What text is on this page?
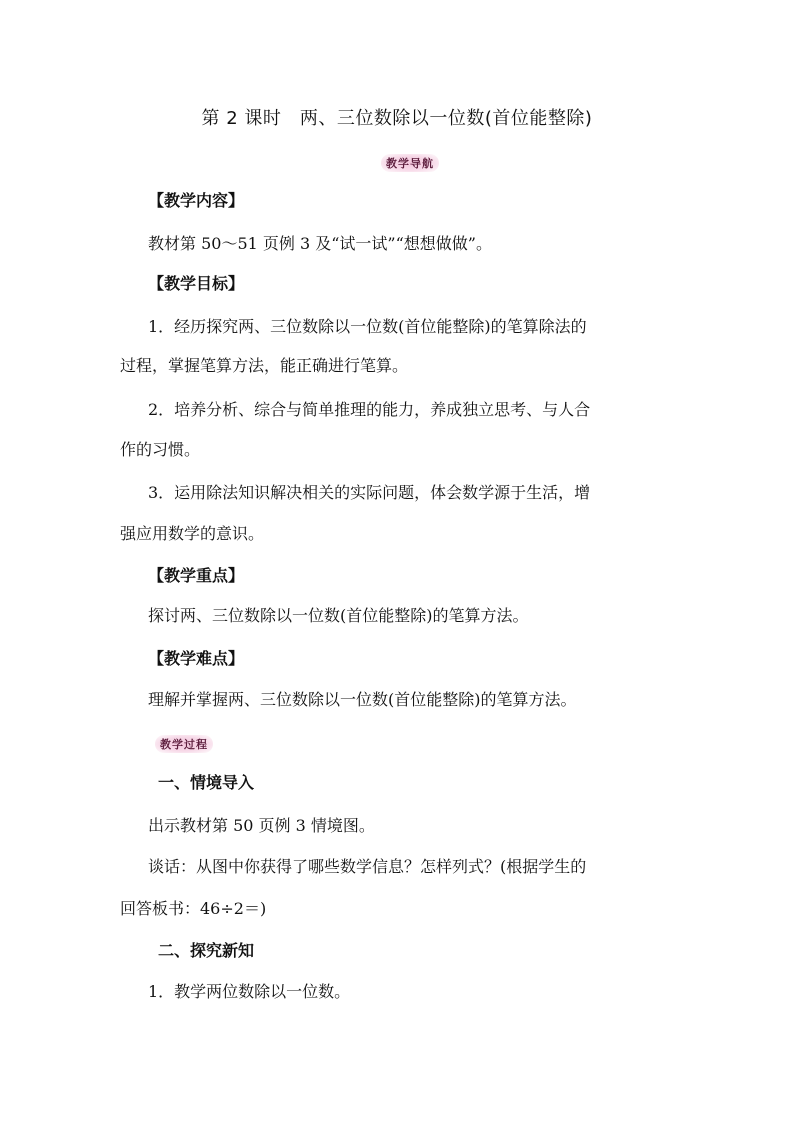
第 2 课时　两、三位数除以一位数(首位能整除)
教学导航
【教学内容】
教材第 50～51 页例 3 及“试一试”“想想做做”。
【教学目标】
1．经历探究两、三位数除以一位数(首位能整除)的笔算除法的
过程，掌握笔算方法，能正确进行笔算。
2．培养分析、综合与简单推理的能力，养成独立思考、与人合
作的习惯。
3．运用除法知识解决相关的实际问题，体会数学源于生活，增
强应用数学的意识。
【教学重点】
探讨两、三位数除以一位数(首位能整除)的笔算方法。
【教学难点】
理解并掌握两、三位数除以一位数(首位能整除)的笔算方法。
教学过程
一、情境导入
出示教材第 50 页例 3 情境图。
谈话：从图中你获得了哪些数学信息？怎样列式？(根据学生的
回答板书：46÷2＝)
二、探究新知
1．教学两位数除以一位数。
